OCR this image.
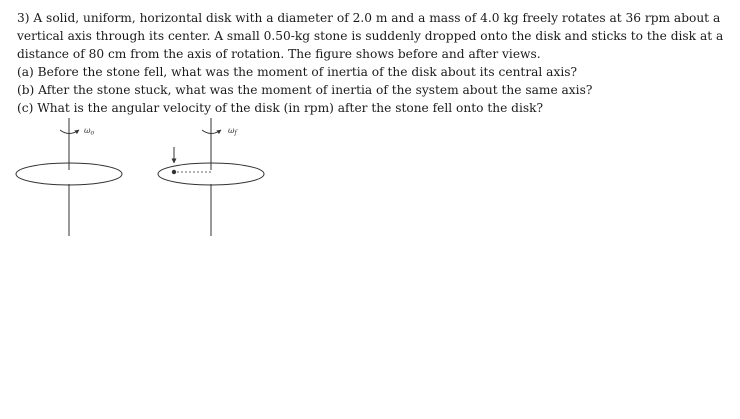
3) A solid, uniform, horizontal disk with a diameter of 2.0 m and a mass of 4.0 kg freely rotates at 36 rpm about a vertical axis through its center. A small 0.50-kg stone is suddenly dropped onto the disk and sticks to the disk at a distance of 80 cm from the axis of rotation. The figure shows before and after views.

(a) Before the stone fell, what was the moment of inertia of the disk about its central axis?

(b) After the stone stuck, what was the moment of inertia of the system about the same axis?

(c) What is the angular velocity of the disk (in rpm) after the stone fell onto the disk?

ωo	ωf
